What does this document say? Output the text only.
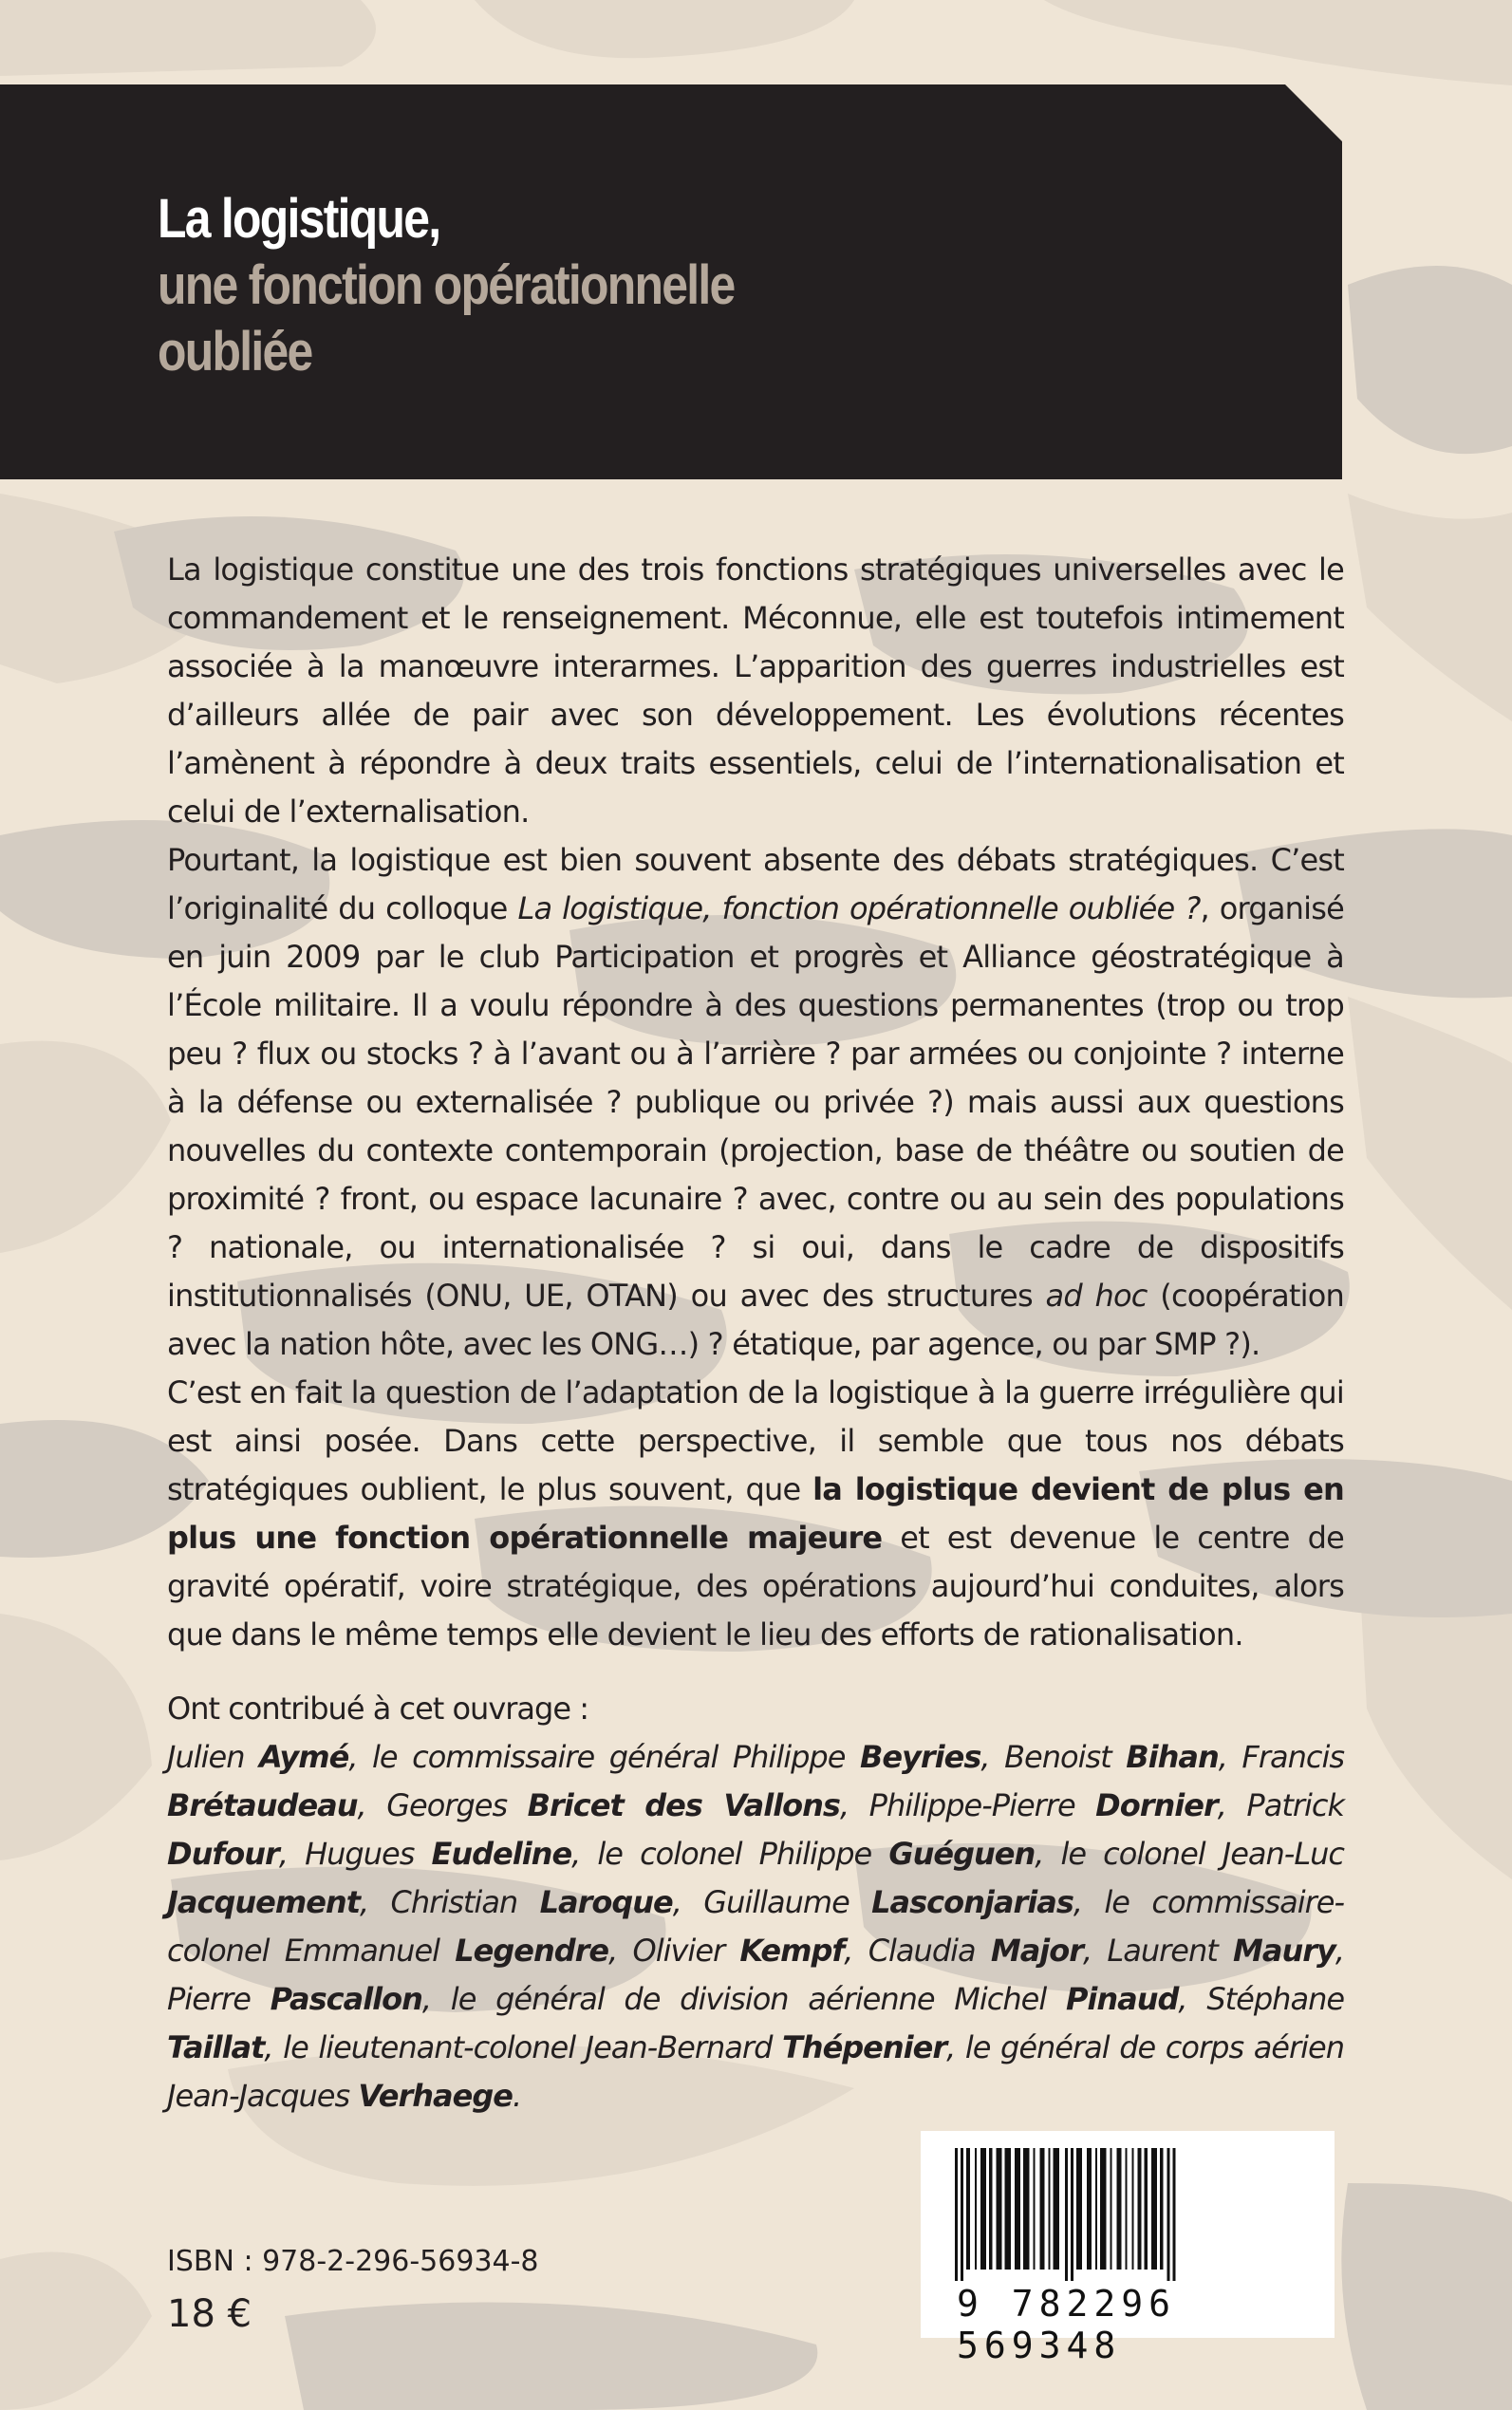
La logistique,
une fonction opérationnelle
oubliée

La logistique constitue une des trois fonctions stratégiques universelles avec le commandement et le renseignement. Méconnue, elle est toutefois intimement associée à la manœuvre interarmes. L’apparition des guerres industrielles est d’ailleurs allée de pair avec son développement. Les évolutions récentes l’amènent à répondre à deux traits essentiels, celui de l’internationalisation et celui de l’externalisation.

Pourtant, la logistique est bien souvent absente des débats stratégiques. C’est l’originalité du colloque La logistique, fonction opérationnelle oubliée ?, organisé en juin 2009 par le club Participation et progrès et Alliance géostratégique à l’École militaire. Il a voulu répondre à des questions permanentes (trop ou trop peu ? flux ou stocks ? à l’avant ou à l’arrière ? par armées ou conjointe ? interne à la défense ou externalisée ? publique ou privée ?) mais aussi aux questions nouvelles du contexte contemporain (projection, base de théâtre ou soutien de proximité ? front, ou espace lacunaire ? avec, contre ou au sein des populations ? nationale, ou internationalisée ? si oui, dans le cadre de dispositifs institutionnalisés (ONU, UE, OTAN) ou avec des structures ad hoc (coopération avec la nation hôte, avec les ONG…) ? étatique, par agence, ou par SMP ?).

C’est en fait la question de l’adaptation de la logistique à la guerre irrégulière qui est ainsi posée. Dans cette perspective, il semble que tous nos débats stratégiques oublient, le plus souvent, que la logistique devient de plus en plus une fonction opérationnelle majeure et est devenue le centre de gravité opératif, voire stratégique, des opérations aujourd’hui conduites, alors que dans le même temps elle devient le lieu des efforts de rationalisation.

Ont contribué à cet ouvrage :

Julien Aymé, le commissaire général Philippe Beyries, Benoist Bihan, Francis Brétaudeau, Georges Bricet des Vallons, Philippe-Pierre Dornier, Patrick Dufour, Hugues Eudeline, le colonel Philippe Guéguen, le colonel Jean-Luc Jacquement, Christian Laroque, Guillaume Lasconjarias, le commissaire-colonel Emmanuel Legendre, Olivier Kempf, Claudia Major, Laurent Maury, Pierre Pascallon, le général de division aérienne Michel Pinaud, Stéphane Taillat, le lieutenant-colonel Jean-Bernard Thépenier, le général de corps aérien Jean-Jacques Verhaege.

9 782296 569348
ISBN : 978-2-296-56934-8
18 €
